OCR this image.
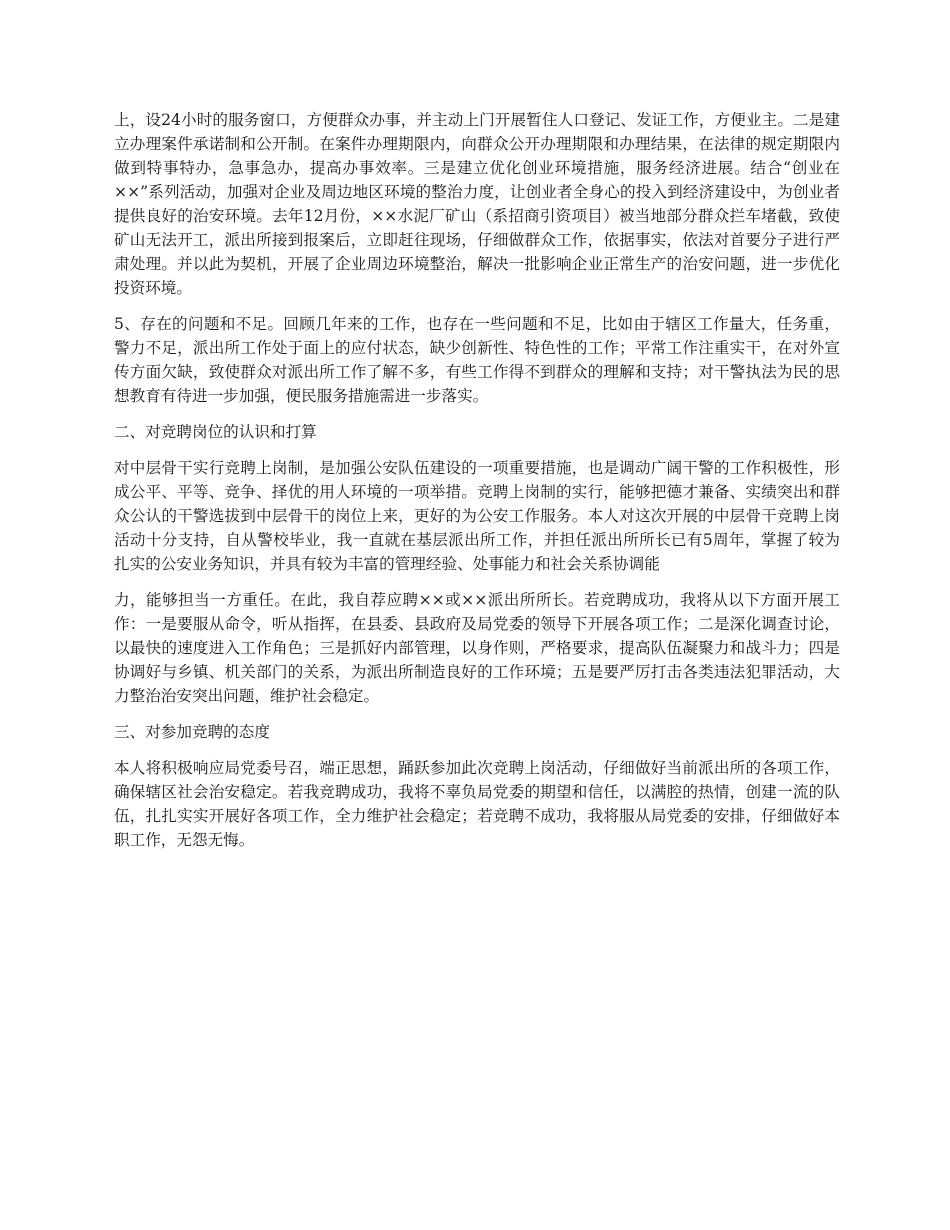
上，设24小时的服务窗口，方便群众办事，并主动上门开展暂住人口登记、发证工作，方便业主。二是建立办理案件承诺制和公开制。在案件办理期限内，向群众公开办理期限和办理结果，在法律的规定期限内做到特事特办，急事急办，提高办事效率。三是建立优化创业环境措施，服务经济进展。结合“创业在××”系列活动，加强对企业及周边地区环境的整治力度，让创业者全身心的投入到经济建设中，为创业者提供良好的治安环境。去年12月份，××水泥厂矿山（系招商引资项目）被当地部分群众拦车堵截，致使矿山无法开工，派出所接到报案后，立即赶往现场，仔细做群众工作，依据事实，依法对首要分子进行严肃处理。并以此为契机，开展了企业周边环境整治，解决一批影响企业正常生产的治安问题，进一步优化投资环境。

5、存在的问题和不足。回顾几年来的工作，也存在一些问题和不足，比如由于辖区工作量大，任务重，警力不足，派出所工作处于面上的应付状态，缺少创新性、特色性的工作；平常工作注重实干，在对外宣传方面欠缺，致使群众对派出所工作了解不多，有些工作得不到群众的理解和支持；对干警执法为民的思想教育有待进一步加强，便民服务措施需进一步落实。

二、对竞聘岗位的认识和打算

对中层骨干实行竞聘上岗制，是加强公安队伍建设的一项重要措施，也是调动广阔干警的工作积极性，形成公平、平等、竞争、择优的用人环境的一项举措。竞聘上岗制的实行，能够把德才兼备、实绩突出和群众公认的干警选拔到中层骨干的岗位上来，更好的为公安工作服务。本人对这次开展的中层骨干竞聘上岗活动十分支持，自从警校毕业，我一直就在基层派出所工作，并担任派出所所长已有5周年，掌握了较为扎实的公安业务知识，并具有较为丰富的管理经验、处事能力和社会关系协调能

力，能够担当一方重任。在此，我自荐应聘××或××派出所所长。若竞聘成功，我将从以下方面开展工作：一是要服从命令，听从指挥，在县委、县政府及局党委的领导下开展各项工作；二是深化调查讨论，以最快的速度进入工作角色；三是抓好内部管理，以身作则，严格要求，提高队伍凝聚力和战斗力；四是协调好与乡镇、机关部门的关系，为派出所制造良好的工作环境；五是要严厉打击各类违法犯罪活动，大力整治治安突出问题，维护社会稳定。

三、对参加竞聘的态度

本人将积极响应局党委号召，端正思想，踊跃参加此次竞聘上岗活动，仔细做好当前派出所的各项工作，确保辖区社会治安稳定。若我竞聘成功，我将不辜负局党委的期望和信任，以满腔的热情，创建一流的队伍，扎扎实实开展好各项工作，全力维护社会稳定；若竞聘不成功，我将服从局党委的安排，仔细做好本职工作，无怨无悔。
